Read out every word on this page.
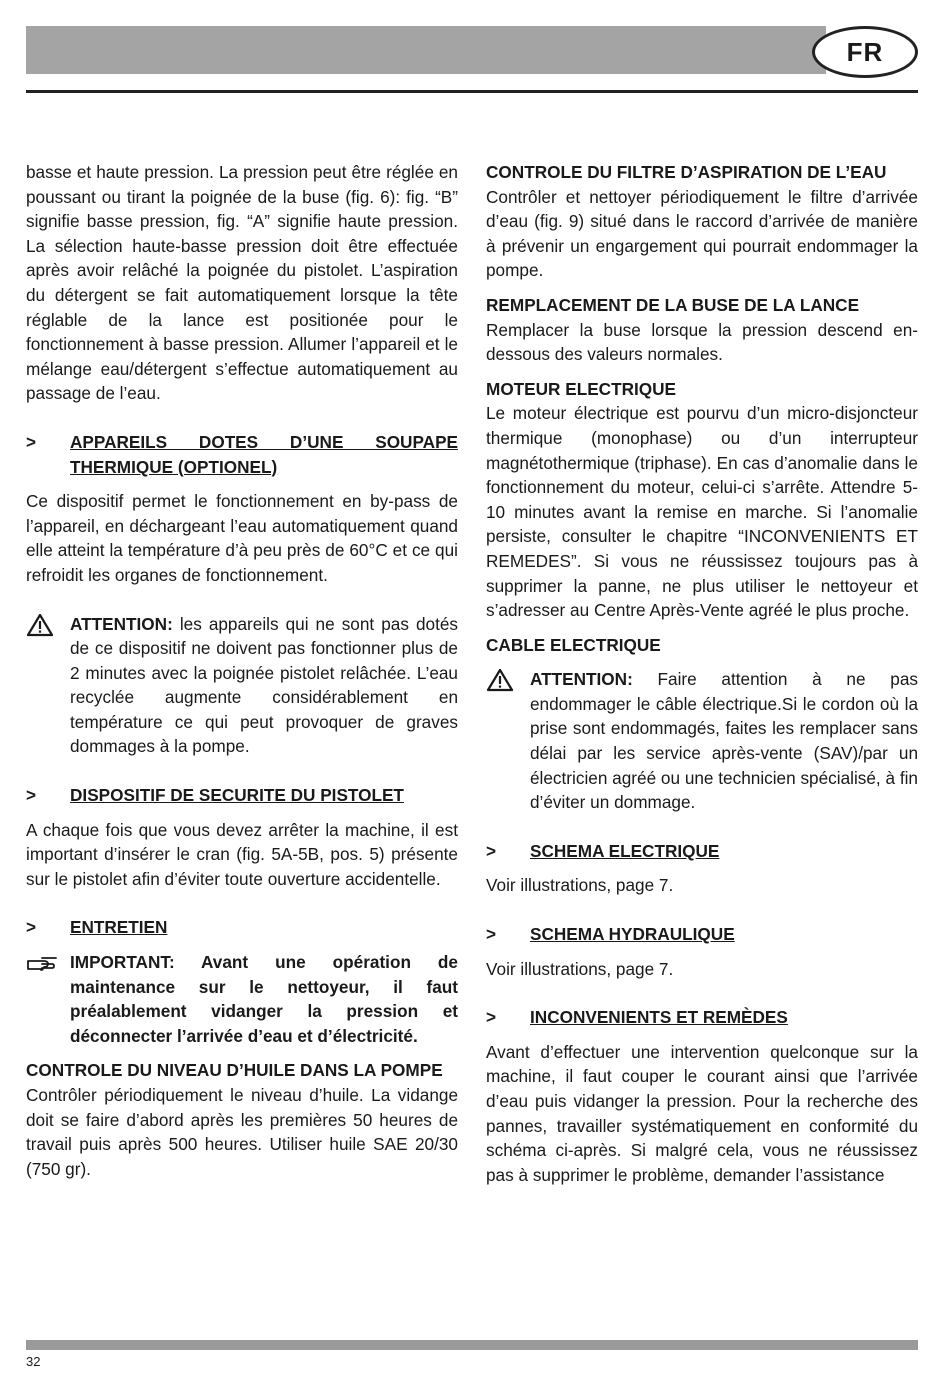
FR

basse et haute pression. La pression peut être réglée en poussant ou tirant la poignée de la buse (fig. 6): fig. “B” signifie basse pression, fig. “A” signifie haute pression. La sélection haute-basse pression doit être effectuée après avoir relâché la poignée du pistolet. L’aspiration du détergent se fait automatiquement lorsque la tête réglable de la lance est positionée pour le fonctionnement à basse pression. Allumer l’appareil et le mélange eau/détergent s’effectue automatiquement au passage de l’eau.

>	APPAREILS DOTES D’UNE SOUPAPE THERMIQUE (OPTIONEL)

Ce dispositif permet le fonctionnement en by-pass de l’appareil, en déchargeant l’eau automatiquement quand elle atteint la température d’à peu près de 60°C et ce qui refroidit les organes de fonctionnement.

ATTENTION: les appareils qui ne sont pas dotés de ce dispositif ne doivent pas fonctionner plus de 2 minutes avec la poignée pistolet relâchée. L’eau recyclée augmente considérablement en température ce qui peut provoquer de graves dommages à la pompe.
>	DISPOSITIF DE SECURITE DU PISTOLET

A chaque fois que vous devez arrêter la machine, il est important d’insérer le cran (fig. 5A-5B, pos. 5) présente sur le pistolet afin d’éviter toute ouverture accidentelle.

>	ENTRETIEN
IMPORTANT: Avant une opération de maintenance sur le nettoyeur, il faut préalablement vidanger la pression et déconnecter l’arrivée d’eau et d’électricité.

CONTROLE DU NIVEAU D’HUILE DANS LA POMPE

Contrôler périodiquement le niveau d’huile. La vidange doit se faire d’abord après les premières 50 heures de travail puis après 500 heures. Utiliser huile SAE 20/30 (750 gr).

CONTROLE DU FILTRE D’ASPIRATION DE L’EAU

Contrôler et nettoyer périodiquement le filtre d’arrivée d’eau (fig. 9) situé dans le raccord d’arrivée de manière à prévenir un engargement qui pourrait endommager la pompe.

REMPLACEMENT DE LA BUSE DE LA LANCE

Remplacer la buse lorsque la pression descend en-dessous des valeurs normales.

MOTEUR ELECTRIQUE

Le moteur électrique est pourvu d’un micro-disjoncteur thermique (monophase) ou d’un interrupteur magnétothermique (triphase). En cas d’anomalie dans le fonctionnement du moteur, celui-ci s’arrête. Attendre 5-10 minutes avant la remise en marche. Si l’anomalie persiste, consulter le chapitre “INCONVENIENTS ET REMEDES”. Si vous ne réussissez toujours pas à supprimer la panne, ne plus utiliser le nettoyeur et s’adresser au Centre Après-Vente agréé le plus proche.

CABLE ELECTRIQUE

ATTENTION: Faire attention à ne pas endommager le câble électrique.Si le cordon où la prise sont endommagés, faites les remplacer sans délai par les service après-vente (SAV)/par un électricien agréé ou une technicien spécialisé, à fin d’éviter un dommage.
>	SCHEMA ELECTRIQUE

Voir illustrations, page 7.

>	SCHEMA HYDRAULIQUE

Voir illustrations, page 7.

>	INCONVENIENTS ET REMÈDES

Avant d’effectuer une intervention quelconque sur la machine, il faut couper le courant ainsi que l’arrivée d’eau puis vidanger la pression. Pour la recherche des pannes, travailler systématiquement en conformité du schéma ci-après. Si malgré cela, vous ne réussissez pas à supprimer le problème, demander l’assistance

32
